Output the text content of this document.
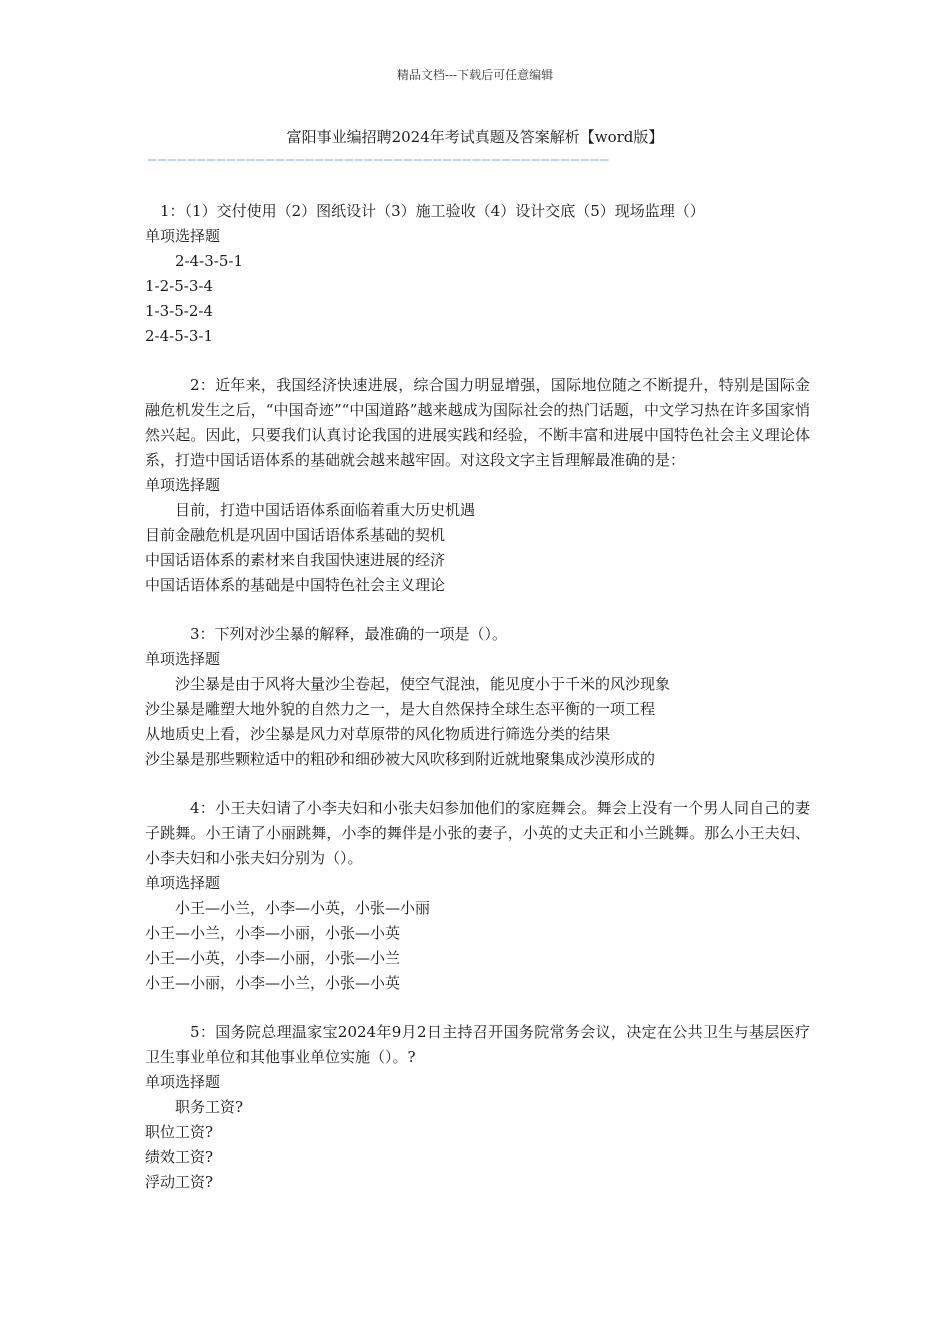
精品文档---下载后可任意编辑
富阳事业编招聘2024年考试真题及答案解析【word版】
———————————————————————————————————————————————

1：（1）交付使用（2）图纸设计（3）施工验收（4）设计交底（5）现场监理（）

单项选择题

2-4-3-5-1

1-2-5-3-4

1-3-5-2-4

2-4-5-3-1

2：近年来，我国经济快速进展，综合国力明显增强，国际地位随之不断提升，特别是国际金融危机发生之后，“中国奇迹”“中国道路”越来越成为国际社会的热门话题，中文学习热在许多国家悄然兴起。因此，只要我们认真讨论我国的进展实践和经验，不断丰富和进展中国特色社会主义理论体系，打造中国话语体系的基础就会越来越牢固。对这段文字主旨理解最准确的是：

单项选择题

目前，打造中国话语体系面临着重大历史机遇

目前金融危机是巩固中国话语体系基础的契机

中国话语体系的素材来自我国快速进展的经济

中国话语体系的基础是中国特色社会主义理论

3：下列对沙尘暴的解释，最准确的一项是（）。

单项选择题

沙尘暴是由于风将大量沙尘卷起，使空气混浊，能见度小于千米的风沙现象

沙尘暴是雕塑大地外貌的自然力之一，是大自然保持全球生态平衡的一项工程

从地质史上看，沙尘暴是风力对草原带的风化物质进行筛选分类的结果

沙尘暴是那些颗粒适中的粗砂和细砂被大风吹移到附近就地聚集成沙漠形成的

4：小王夫妇请了小李夫妇和小张夫妇参加他们的家庭舞会。舞会上没有一个男人同自己的妻子跳舞。小王请了小丽跳舞，小李的舞伴是小张的妻子，小英的丈夫正和小兰跳舞。那么小王夫妇、小李夫妇和小张夫妇分别为（）。

单项选择题

小王—小兰，小李—小英，小张—小丽

小王—小兰，小李—小丽，小张—小英

小王—小英，小李—小丽，小张—小兰

小王—小丽，小李—小兰，小张—小英

5：国务院总理温家宝2024年9月2日主持召开国务院常务会议，决定在公共卫生与基层医疗卫生事业单位和其他事业单位实施（）。?

单项选择题

职务工资?

职位工资?

绩效工资?

浮动工资?
